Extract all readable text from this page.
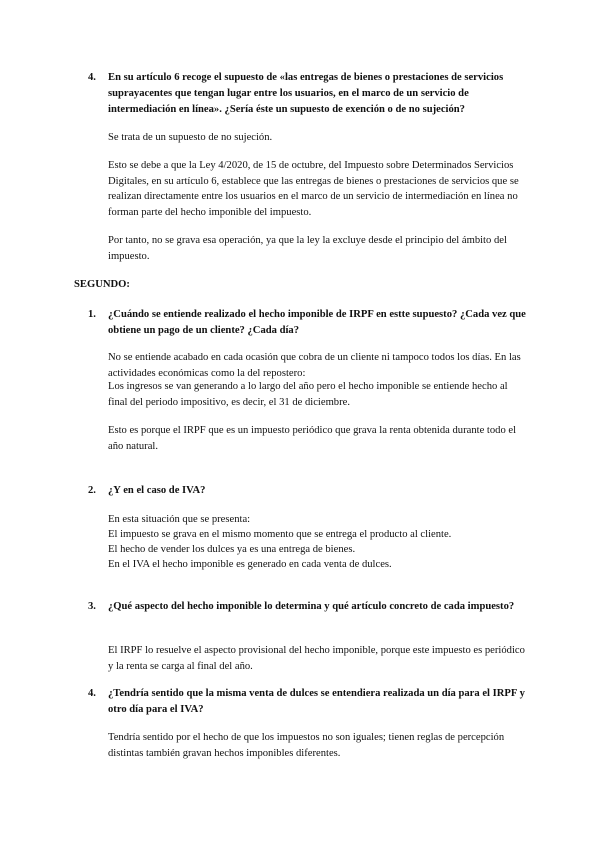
4. En su artículo 6 recoge el supuesto de «las entregas de bienes o prestaciones de servicios suprayacentes que tengan lugar entre los usuarios, en el marco de un servicio de intermediación en línea». ¿Sería éste un supuesto de exención o de no sujeción?
Se trata de un supuesto de no sujeción.
Esto se debe a que la Ley 4/2020, de 15 de octubre, del Impuesto sobre Determinados Servicios Digitales, en su artículo 6, establece que las entregas de bienes o prestaciones de servicios que se realizan directamente entre los usuarios en el marco de un servicio de intermediación en línea no forman parte del hecho imponible del impuesto.
Por tanto, no se grava esa operación, ya que la ley la excluye desde el principio del ámbito del impuesto.
SEGUNDO:
1. ¿Cuándo se entiende realizado el hecho imponible de IRPF en estte supuesto? ¿Cada vez que obtiene un pago de un cliente? ¿Cada día?
No se entiende acabado en cada ocasión que cobra de un cliente ni tampoco todos los días. En las actividades económicas como la del repostero:
Los ingresos se van generando a lo largo del año pero el hecho imponible se entiende hecho al final del periodo impositivo, es decir, el 31 de diciembre.
Esto es porque el IRPF que es un impuesto periódico que grava la renta obtenida durante todo el año natural.
2. ¿Y en el caso de IVA?
En esta situación que se presenta:
El impuesto se grava en el mismo momento que se entrega el producto al cliente.
El hecho de vender los dulces ya es una entrega de bienes.
En el IVA el hecho imponible es generado en cada venta de dulces.
3. ¿Qué aspecto del hecho imponible lo determina y qué artículo concreto de cada impuesto?
El IRPF lo resuelve el aspecto provisional del hecho imponible, porque este impuesto es periódico y la renta se carga al final del año.
4. ¿Tendría sentido que la misma venta de dulces se entendiera realizada un día para el IRPF y otro día para el IVA?
Tendría sentido por el hecho de que los impuestos no son iguales; tienen reglas de percepción distintas también gravan hechos imponibles diferentes.
